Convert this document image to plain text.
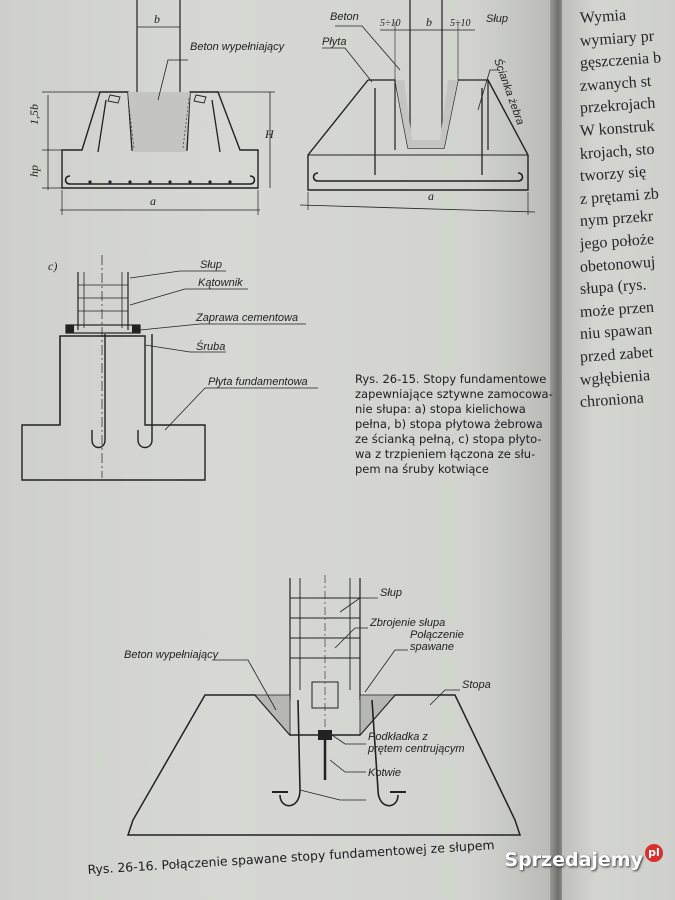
Wymia
wymiary pr
gęszczenia b
zwanych st
przekrojach
W konstruk
krojach, sto
tworzy się
z prętami zb
nym przekr
jego położe
obetonowuj
słupa (rys.
może przen
niu spawan
przed zabet
wgłębienia
chroniona
b
a
H
1,5b
hp
Beton wypełniający
Beton
Płyta
Słup
Ścianka żebra
5÷10 b 5÷10
a
c)	Słup
Kątownik
Zaprawa cementowa
Śruba
Płyta fundamentowa
Słup
Zbrojenie słupa
Połączenie
spawane
Beton wypełniający
Stopa
Podkładka z
prętem centrującym
Kotwie
Rys. 26-15. Stopy fundamentowe
zapewniające sztywne zamocowa-
nie słupa: a) stopa kielichowa
pełna, b) stopa płytowa żebrowa
ze ścianką pełną, c) stopa płyto-
wa z trzpieniem łączona ze słu-
pem na śruby kotwiące
Rys. 26-16. Połączenie spawane stopy fundamentowej ze słupem Sprzedajemy pl
